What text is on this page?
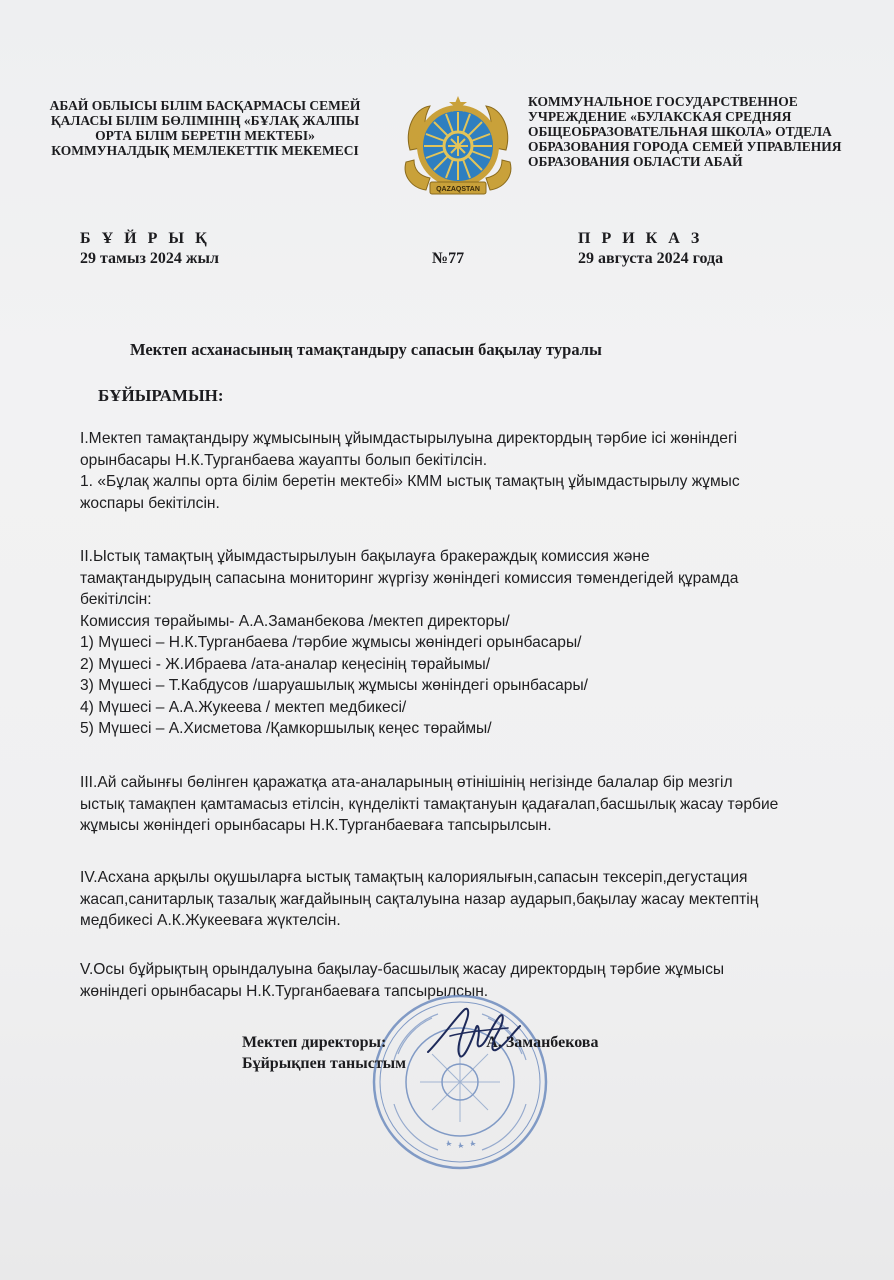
АБАЙ ОБЛЫСЫ БІЛІМ БАСҚАРМАСЫ СЕМЕЙ
ҚАЛАСЫ БІЛІМ БӨЛІМІНІҢ «БҰЛАҚ ЖАЛПЫ
ОРТА БІЛІМ БЕРЕТІН МЕКТЕБІ»
КОММУНАЛДЫҚ МЕМЛЕКЕТТІК МЕКЕМЕСІ
QAZAQSTAN
КОММУНАЛЬНОЕ ГОСУДАРСТВЕННОЕ
УЧРЕЖДЕНИЕ «БУЛАКСКАЯ СРЕДНЯЯ
ОБЩЕОБРАЗОВАТЕЛЬНАЯ ШКОЛА» ОТДЕЛА
ОБРАЗОВАНИЯ ГОРОДА СЕМЕЙ УПРАВЛЕНИЯ
ОБРАЗОВАНИЯ ОБЛАСТИ АБАЙ
Б Ұ Й Р Ы Қ
29 тамыз 2024 жыл	№77
П Р И К А З
29 августа 2024 года
Мектеп асханасының тамақтандыру сапасын бақылау туралы
БҰЙЫРАМЫН:
I.Мектеп тамақтандыру жұмысының ұйымдастырылуына директордың тәрбие ісі жөніндегі
орынбасары Н.К.Турганбаева жауапты болып бекітілсін.
1. «Бұлақ жалпы орта білім беретін мектебі» КММ ыстық тамақтың ұйымдастырылу жұмыс
жоспары бекітілсін.
II.Ыстық тамақтың ұйымдастырылуын бақылауға бракераждық комиссия және
тамақтандырудың сапасына мониторинг жүргізу жөніндегі комиссия төмендегідей құрамда
бекітілсін:
Комиссия төрайымы- А.А.Заманбекова /мектеп директоры/
1) Мүшесі – Н.К.Турганбаева /тәрбие жұмысы жөніндегі орынбасары/
2) Мүшесі - Ж.Ибраева /ата-аналар кеңесінің төрайымы/
3) Мүшесі – Т.Кабдусов /шаруашылық жұмысы жөніндегі орынбасары/
4) Мүшесі – А.А.Жукеева / мектеп медбикесі/
5) Мүшесі – А.Хисметова /Қамкоршылық кеңес төраймы/
III.Ай сайынғы бөлінген қаражатқа ата-аналарының өтінішінің негізінде балалар бір мезгіл
ыстық тамақпен қамтамасыз етілсін, күнделікті тамақтануын қадағалап,басшылық жасау тәрбие
жұмысы жөніндегі орынбасары Н.К.Турганбаеваға тапсырылсын.
IV.Асхана арқылы оқушыларға ыстық тамақтың калориялығын,сапасын тексеріп,дегустация
жасап,санитарлық тазалық жағдайының сақталуына назар аударып,бақылау жасау мектептің
медбикесі А.К.Жукееваға жүктелсін.
V.Осы бұйрықтың орындалуына бақылау-басшылық жасау директордың тәрбие жұмысы
жөніндегі орынбасары Н.К.Турганбаеваға тапсырылсын.
Мектеп директоры:	А. Заманбекова
Бұйрықпен таныстым
